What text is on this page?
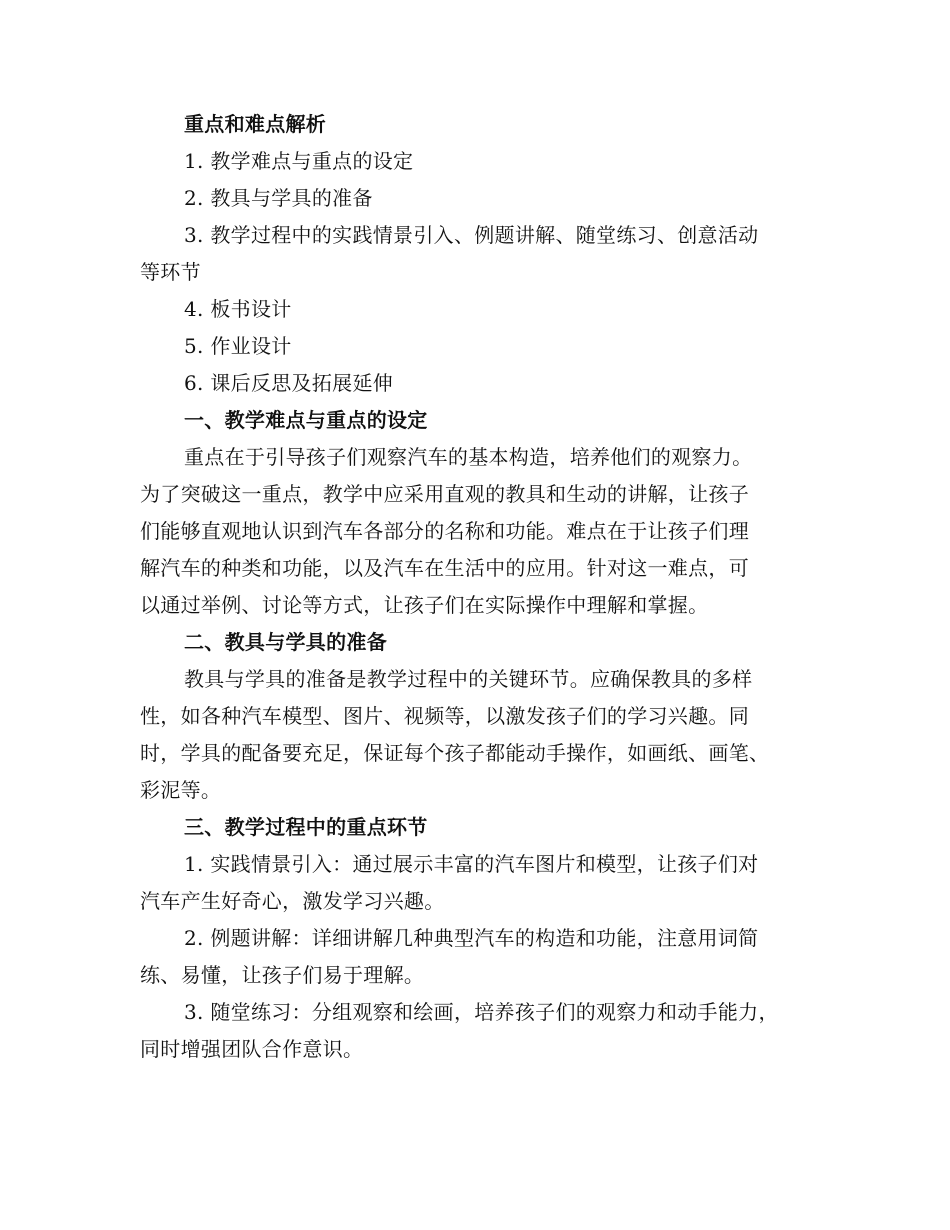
重点和难点解析

1. 教学难点与重点的设定

2. 教具与学具的准备

3. 教学过程中的实践情景引入、例题讲解、随堂练习、创意活动

等环节

4. 板书设计

5. 作业设计

6. 课后反思及拓展延伸

一、教学难点与重点的设定

重点在于引导孩子们观察汽车的基本构造，培养他们的观察力。

为了突破这一重点，教学中应采用直观的教具和生动的讲解，让孩子

们能够直观地认识到汽车各部分的名称和功能。难点在于让孩子们理

解汽车的种类和功能，以及汽车在生活中的应用。针对这一难点，可

以通过举例、讨论等方式，让孩子们在实际操作中理解和掌握。

二、教具与学具的准备

教具与学具的准备是教学过程中的关键环节。应确保教具的多样

性，如各种汽车模型、图片、视频等，以激发孩子们的学习兴趣。同

时，学具的配备要充足，保证每个孩子都能动手操作，如画纸、画笔、

彩泥等。

三、教学过程中的重点环节

1. 实践情景引入：通过展示丰富的汽车图片和模型，让孩子们对

汽车产生好奇心，激发学习兴趣。

2. 例题讲解：详细讲解几种典型汽车的构造和功能，注意用词简

练、易懂，让孩子们易于理解。

3. 随堂练习：分组观察和绘画，培养孩子们的观察力和动手能力，

同时增强团队合作意识。
